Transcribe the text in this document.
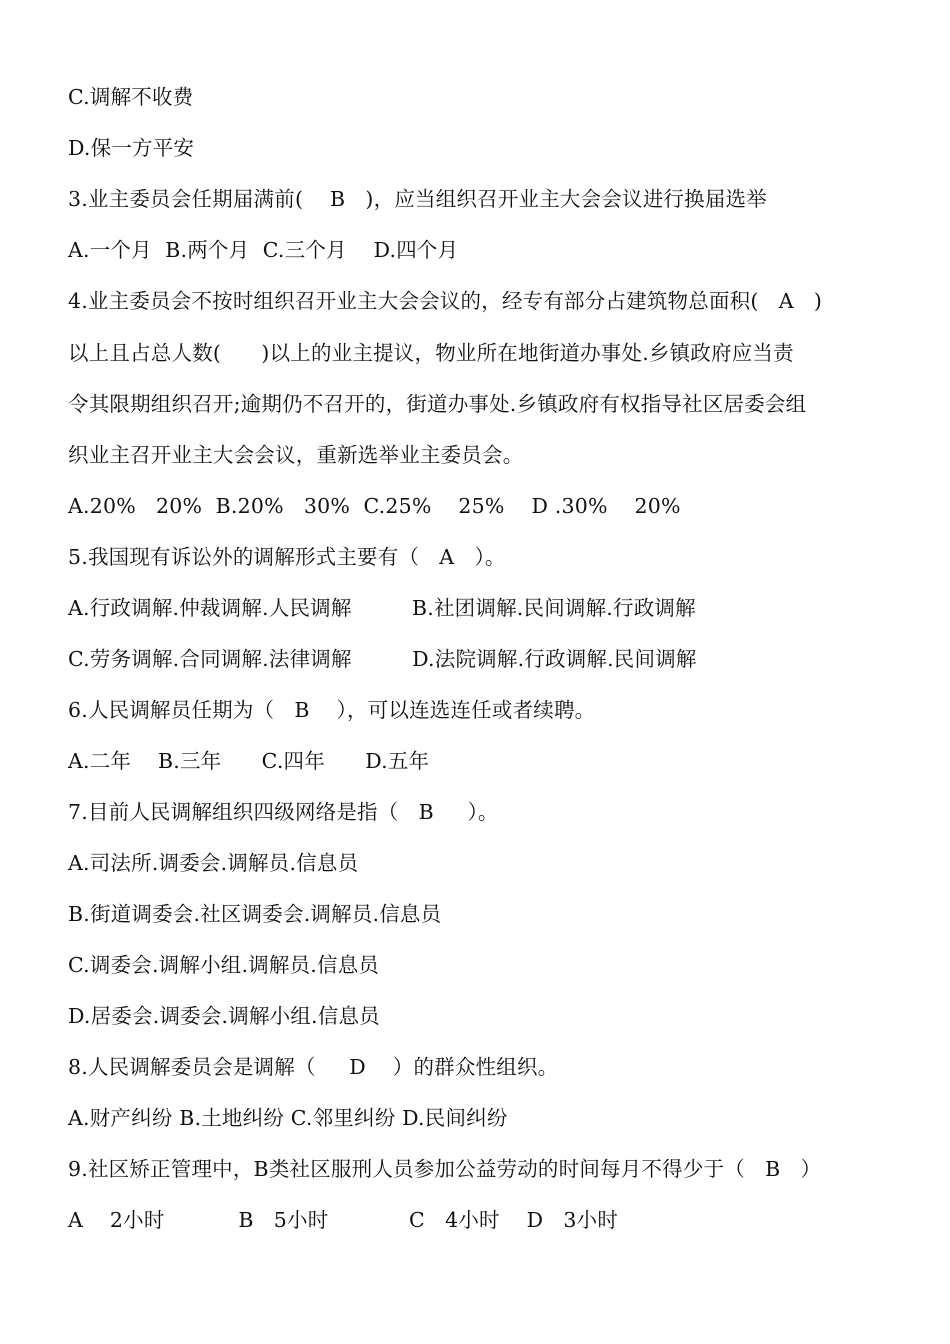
C.调解不收费
D.保一方平安
3.业主委员会任期届满前(    B   )，应当组织召开业主大会会议进行换届选举
A.一个月  B.两个月  C.三个月    D.四个月
4.业主委员会不按时组织召开业主大会会议的，经专有部分占建筑物总面积(   A   )
以上且占总人数(      )以上的业主提议，物业所在地街道办事处.乡镇政府应当责
令其限期组织召开;逾期仍不召开的，街道办事处.乡镇政府有权指导社区居委会组
织业主召开业主大会会议，重新选举业主委员会。
A.20%   20%  B.20%   30%  C.25%    25%    D .30%    20%
5.我国现有诉讼外的调解形式主要有（   A   ）。
A.行政调解.仲裁调解.人民调解         B.社团调解.民间调解.行政调解
C.劳务调解.合同调解.法律调解         D.法院调解.行政调解.民间调解
6.人民调解员任期为（   B    ），可以连选连任或者续聘。
A.二年    B.三年      C.四年      D.五年
7.目前人民调解组织四级网络是指（   B     ）。
A.司法所.调委会.调解员.信息员
B.街道调委会.社区调委会.调解员.信息员
C.调委会.调解小组.调解员.信息员
D.居委会.调委会.调解小组.信息员
8.人民调解委员会是调解（     D    ）的群众性组织。
A.财产纠纷 B.土地纠纷 C.邻里纠纷 D.民间纠纷
9.社区矫正管理中，B类社区服刑人员参加公益劳动的时间每月不得少于（   B   ）
A    2小时           B   5小时            C   4小时    D   3小时
